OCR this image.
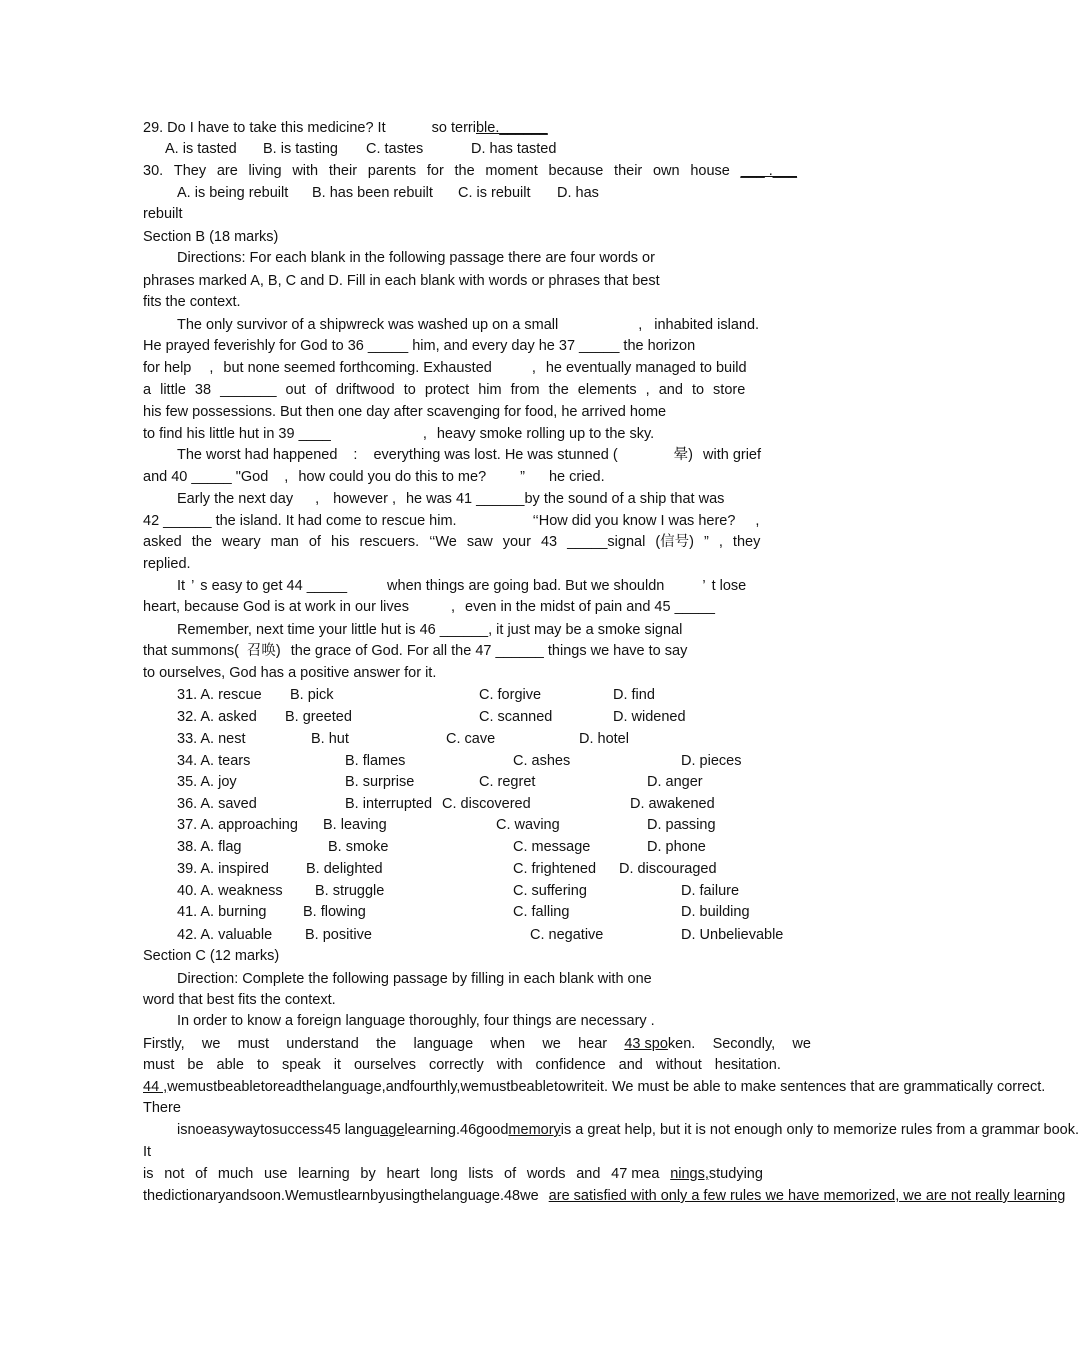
29. Do I have to take this medicine? It	so terrible.______
A. is tasted B. is tasting C. tastes	D. has tasted
30. They are living with their parents for the moment because their own house ___ .___
A. is being rebuilt B. has been rebuilt C. is rebuilt D. has
rebuilt
Section B (18 marks)
Directions: For each blank in the following passage there are four words or
phrases marked A, B, C and D. Fill in each blank with words or phrases that best
fits the context.
The only survivor of a shipwreck was washed up on a small	, inhabited island.
He prayed feverishly for God to 36 _____ him, and every day he 37 _____ the horizon
for help , but none seemed forthcoming. Exhausted	, he eventually managed to build
a little 38 _______ out of driftwood to protect him from the elements , and to store
his few possessions. But then one day after scavenging for food, he arrived home
to find his little hut in 39 ____	, heavy smoke rolling up to the sky.
The worst had happened : everything was lost. He was stunned (	晕) with grief
and 40 _____ "God , how could you do this to me? ” he cried.
Early the next day , however , he was 41 ______by the sound of a ship that was
42 ______ the island. It had come to rescue him.	‘‘How did you know I was here? ,
asked the weary man of his rescuers. ‘‘We saw your 43 _____signal (信号) ” , they
replied.
It ’ s easy to get 44 _____	when things are going bad. But we shouldn	’ t lose
heart, because God is at work in our lives	, even in the midst of pain and 45 _____
Remember, next time your little hut is 46 ______, it just may be a smoke signal
that summons( 召唤) the grace of God. For all the 47 ______ things we have to say
to ourselves, God has a positive answer for it.
31. A. rescue B. pick	C. forgive	D. find
32. A. asked B. greeted	C. scanned	D. widened
33. A. nest	B. hut	C. cave	D. hotel
34. A. tears	B. flames	C. ashes	D. pieces
35. A. joy	B. surprise	C. regret	D. anger
36. A. saved	B. interrupted C. discovered	D. awakened
37. A. approaching B. leaving	C. waving	D. passing
38. A. flag	B. smoke	C. message	D. phone
39. A. inspired	B. delighted	C. frightened D. discouraged
40. A. weakness B. struggle	C. suffering	D. failure
41. A. burning	B. flowing	C. falling	D. building
42. A. valuable B. positive	C. negative	D. Unbelievable
Section C (12 marks)
Direction: Complete the following passage by filling in each blank with one
word that best fits the context.
In order to know a foreign language thoroughly, four things are necessary .
Firstly, we must understand the language when we hear 43 spoken. Secondly, we
must be able to speak it ourselves correctly with confidence and without hesitation.
44 , we must be able to read the language, and fourthly, we must be able to write it. We must be able to make sentences that are grammatically correct.
There
is no easy way to success 45 langu agelearning. 46 goodmemory is a great help, but it is not enough only to memorize rules from a grammar book.
It
is not of much use learning by heart long lists of words and 47 mea nings,studying
the dictionary and so on. We must learn by using the language. 48 we are satisfied with only a few rules we have memorized, we are not really learning
